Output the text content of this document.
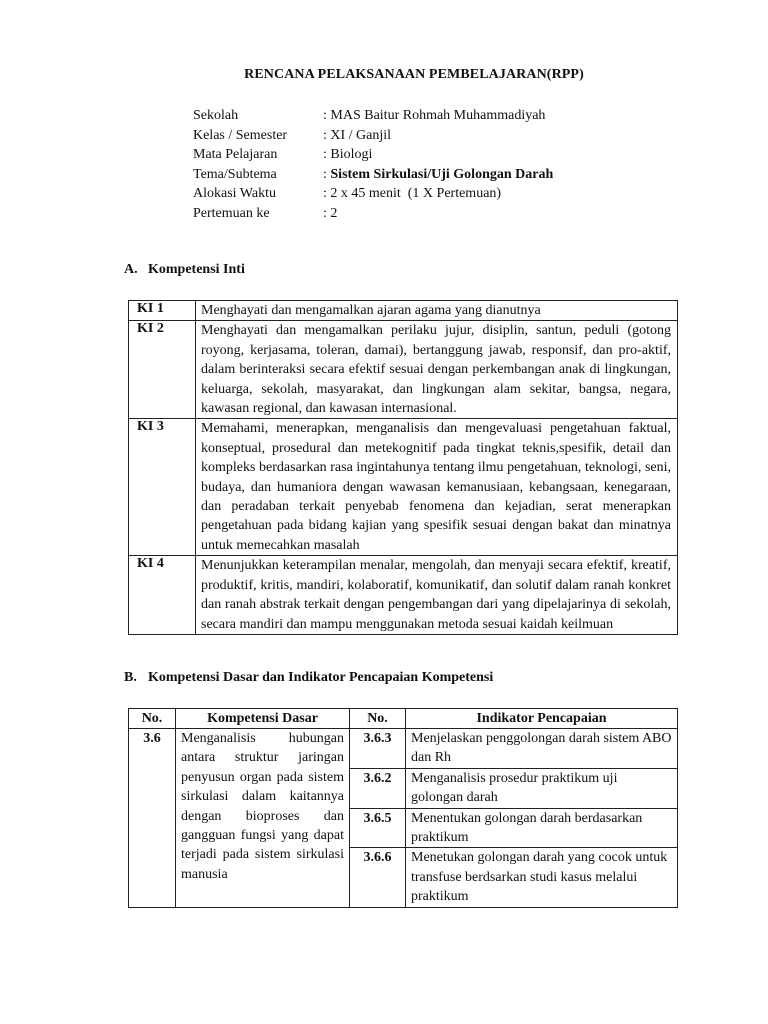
RENCANA PELAKSANAAN PEMBELAJARAN(RPP)
Sekolah	: MAS Baitur Rohmah Muhammadiyah
Kelas / Semester	: XI / Ganjil
Mata Pelajaran	: Biologi
Tema/Subtema	: Sistem Sirkulasi/Uji Golongan Darah
Alokasi Waktu	: 2 x 45 menit  (1 X Pertemuan)
Pertemuan ke	: 2
A. Kompetensi Inti
KI 1	Menghayati dan mengamalkan ajaran agama yang dianutnya
KI 2	Menghayati dan mengamalkan perilaku jujur, disiplin, santun, peduli (gotong royong, kerjasama, toleran, damai), bertanggung jawab, responsif, dan pro-aktif, dalam berinteraksi secara efektif sesuai dengan perkembangan anak di lingkungan, keluarga, sekolah, masyarakat, dan lingkungan alam sekitar, bangsa, negara, kawasan regional, dan kawasan internasional.
KI 3	Memahami, menerapkan, menganalisis dan mengevaluasi pengetahuan faktual, konseptual, prosedural dan metekognitif pada tingkat teknis,spesifik, detail dan kompleks berdasarkan rasa ingintahunya tentang ilmu pengetahuan, teknologi, seni, budaya, dan humaniora dengan wawasan kemanusiaan, kebangsaan, kenegaraan, dan peradaban terkait penyebab fenomena dan kejadian, serat menerapkan pengetahuan pada bidang kajian yang spesifik sesuai dengan bakat dan minatnya untuk memecahkan masalah
KI 4	Menunjukkan keterampilan menalar, mengolah, dan menyaji secara efektif, kreatif, produktif, kritis, mandiri, kolaboratif, komunikatif, dan solutif dalam ranah konkret dan ranah abstrak terkait dengan pengembangan dari yang dipelajarinya di sekolah, secara mandiri dan mampu menggunakan metoda sesuai kaidah keilmuan
B. Kompetensi Dasar dan Indikator Pencapaian Kompetensi
No.	Kompetensi Dasar	No.	Indikator Pencapaian
3.6	Menganalisis hubungan antara struktur jaringan penyusun organ pada sistem sirkulasi dalam kaitannya dengan bioproses dan gangguan fungsi yang dapat terjadi pada sistem sirkulasi manusia	3.6.3	Menjelaskan penggolongan darah sistem ABO dan Rh
		3.6.2	Menganalisis prosedur praktikum uji golongan darah
		3.6.5	Menentukan golongan darah berdasarkan praktikum
		3.6.6	Menetukan golongan darah yang cocok untuk transfuse berdsarkan studi kasus melalui praktikum
